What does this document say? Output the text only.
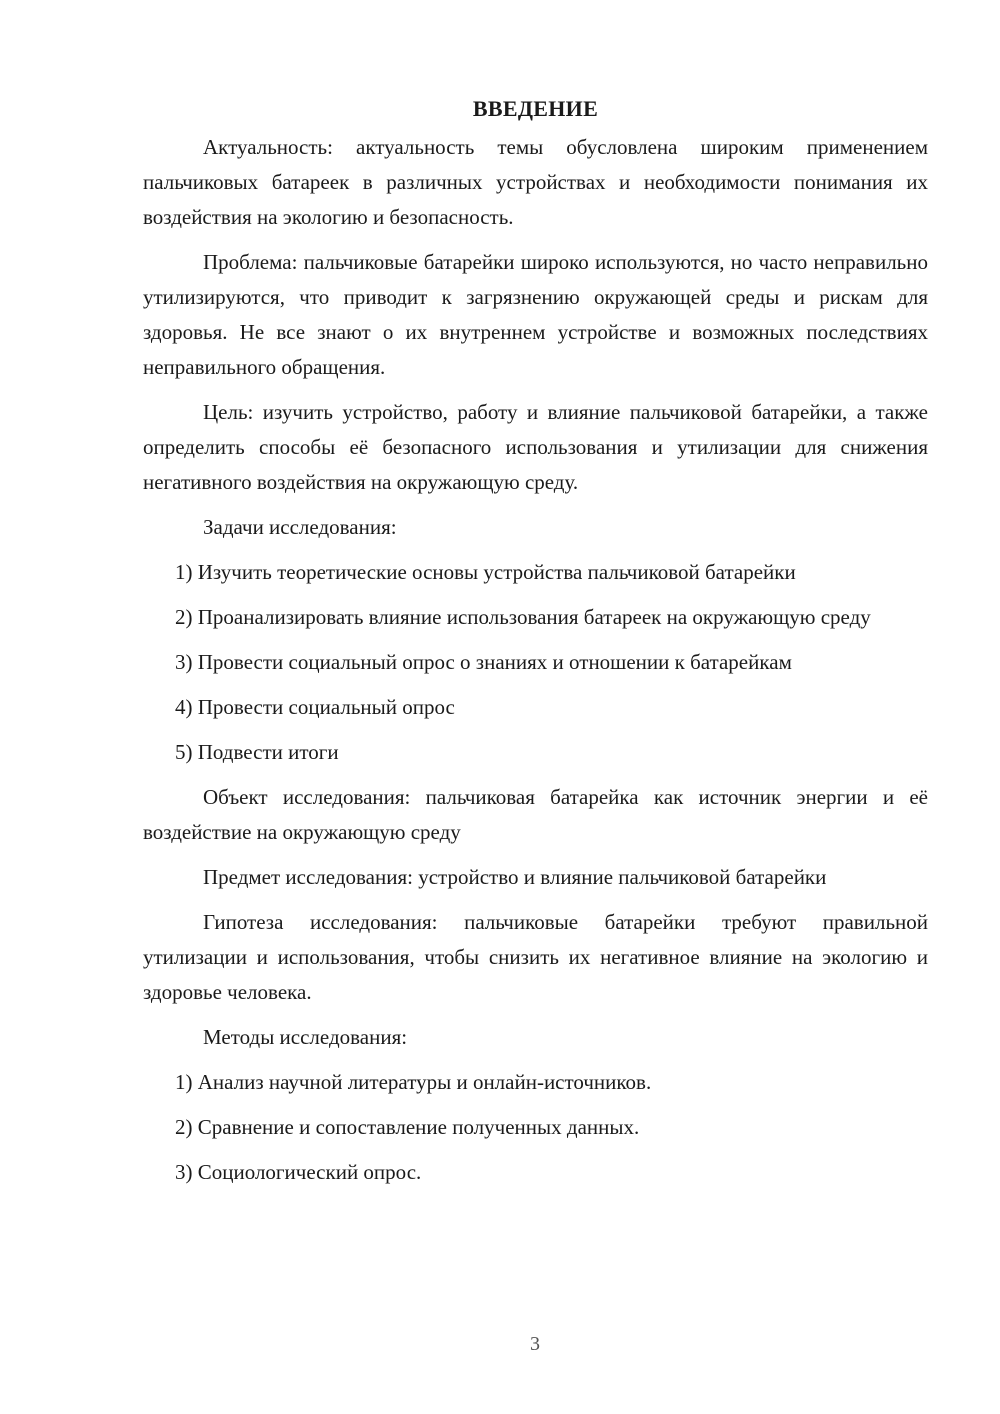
ВВЕДЕНИЕ

Актуальность: актуальность темы обусловлена широким применением пальчиковых батареек в различных устройствах и необходимости понимания их воздействия на экологию и безопасность.

Проблема: пальчиковые батарейки широко используются, но часто неправильно утилизируются, что приводит к загрязнению окружающей среды и рискам для здоровья. Не все знают о их внутреннем устройстве и возможных последствиях неправильного обращения.

Цель: изучить устройство, работу и влияние пальчиковой батарейки, а также определить способы её безопасного использования и утилизации для снижения негативного воздействия на окружающую среду.

Задачи исследования:

1) Изучить теоретические основы устройства пальчиковой батарейки

2) Проанализировать влияние использования батареек на окружающую среду

3) Провести социальный опрос о знаниях и отношении к батарейкам

4) Провести социальный опрос

5) Подвести итоги

Объект исследования: пальчиковая батарейка как источник энергии и её воздействие на окружающую среду

Предмет исследования: устройство и влияние пальчиковой батарейки

Гипотеза исследования: пальчиковые батарейки требуют правильной утилизации и использования, чтобы снизить их негативное влияние на экологию и здоровье человека.

Методы исследования:

1) Анализ научной литературы и онлайн-источников.

2) Сравнение и сопоставление полученных данных.

3) Социологический опрос.

3
